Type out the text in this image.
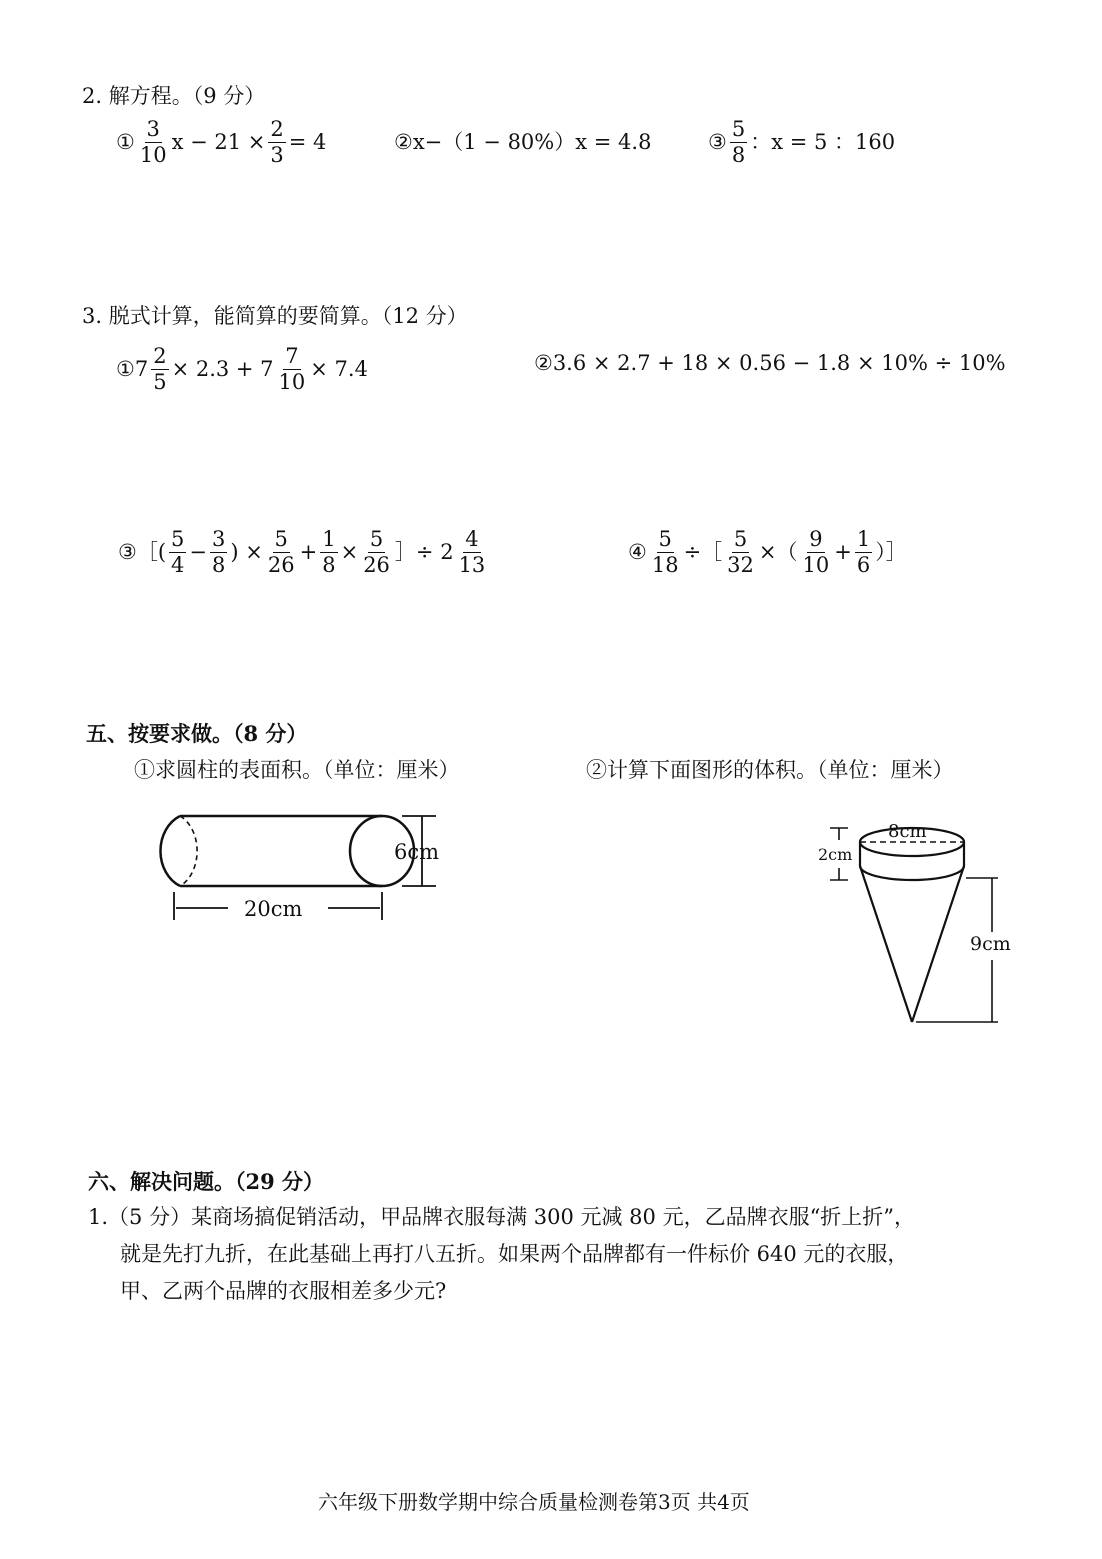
2. 解方程。（9 分）
① $\frac{3}{10}$ $x - 21 \times \frac{2}{3} = 4$	②x−（1 − 80%）x = 4.8	③ $\frac{5}{8}$ ：x = 5 ：160
3. 脱式计算，能简算的要简算。（12 分）
①7 $\frac{2}{5} \times 2.3 + 7 \frac{7}{10} \times 7.4$	②3.6 × 2.7 + 18 × 0.56 − 1.8 × 10% ÷ 10%
③［( $\frac{5}{4} - \frac{3}{8}$ ) × $\frac{5}{26} + \frac{1}{8} \times \frac{5}{26}$ ］÷ $2 \frac{4}{13}$	④ $\frac{5}{18}$ ÷［ $\frac{5}{32}$ ×（ $\frac{9}{10} + \frac{1}{6}$ ）］
五、按要求做。（8 分）
①求圆柱的表面积。（单位：厘米）	②计算下面图形的体积。（单位：厘米）
6cm
20cm
8cm
2cm
9cm
六、解决问题。（29 分）
1.（5 分）某商场搞促销活动，甲品牌衣服每满 300 元减 80 元，乙品牌衣服“折上折”，
就是先打九折，在此基础上再打八五折。如果两个品牌都有一件标价 640 元的衣服，
甲、乙两个品牌的衣服相差多少元?
六年级下册数学期中综合质量检测卷第3页 共4页
